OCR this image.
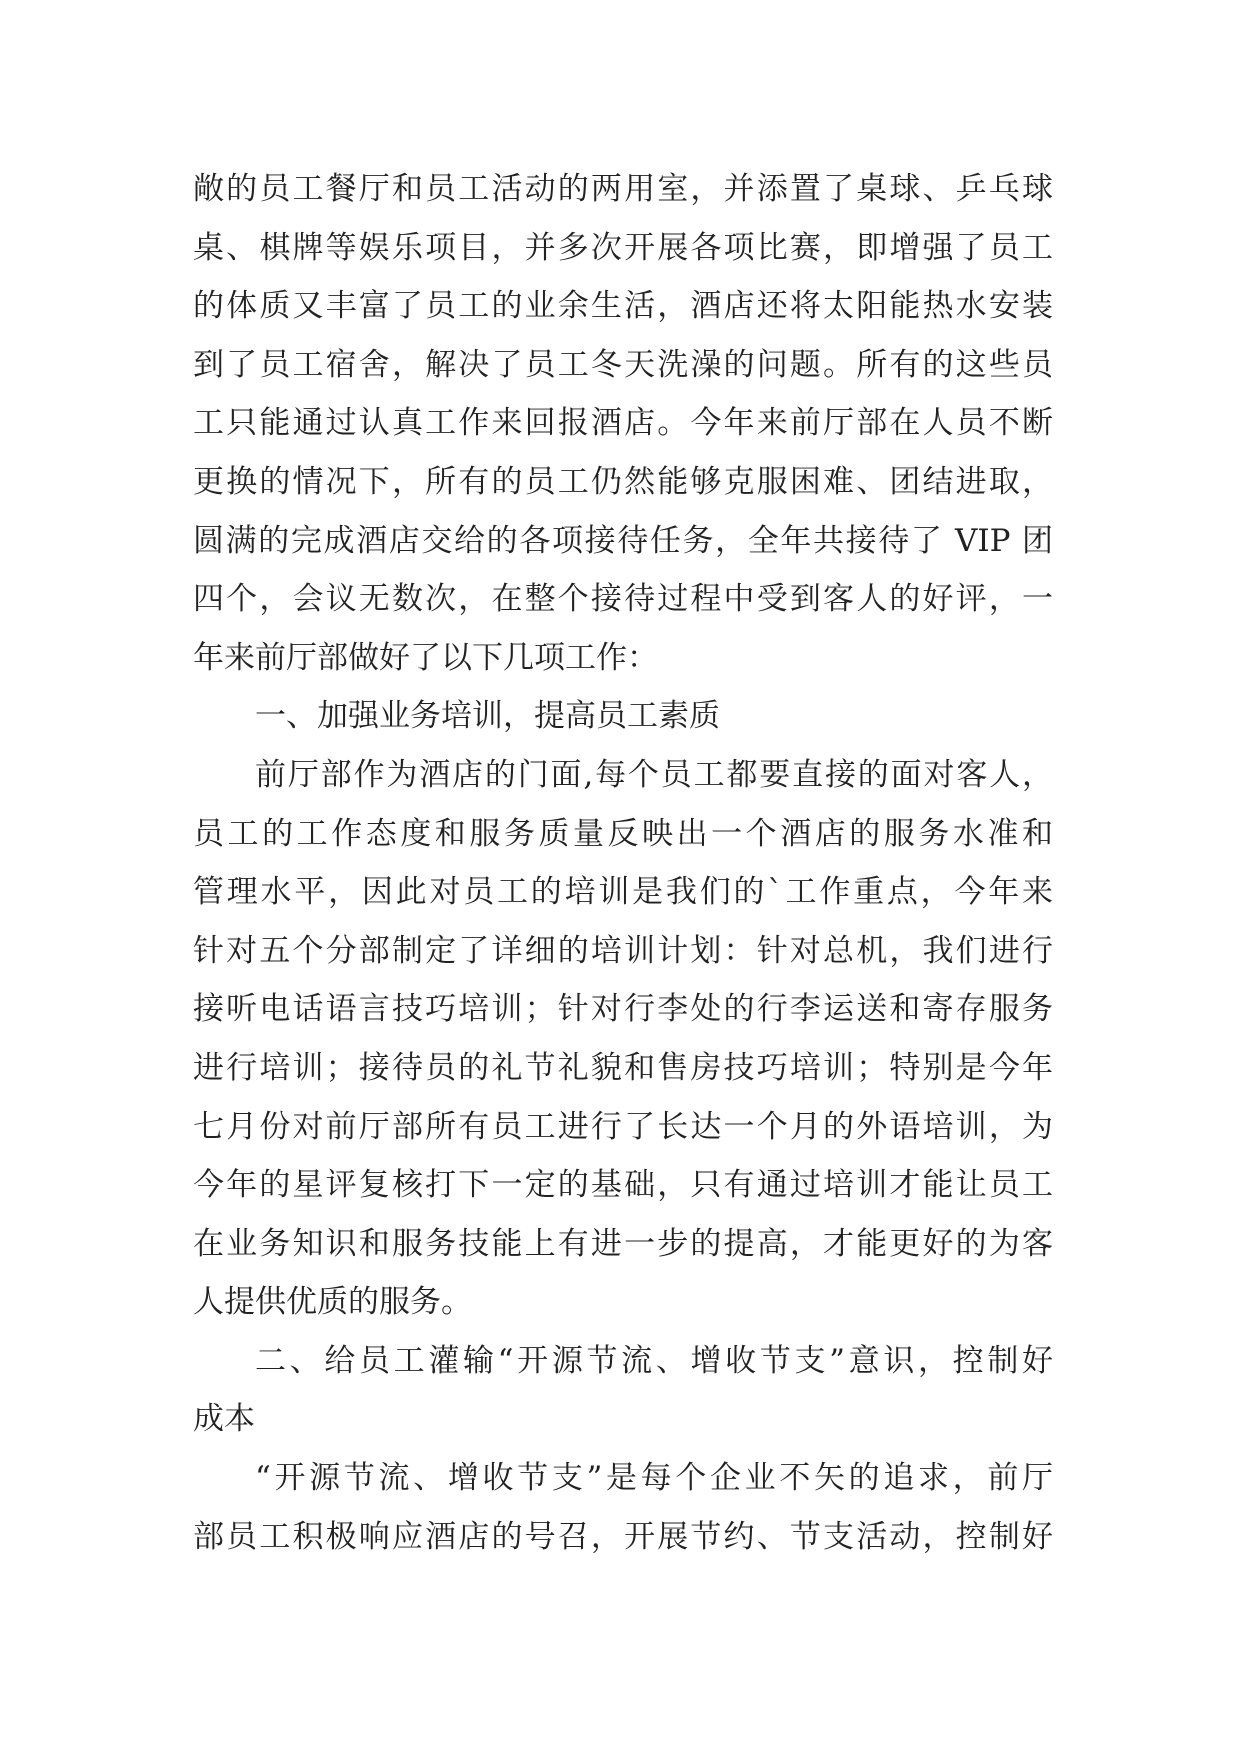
敞的员工餐厅和员工活动的两用室，并添置了桌球、乒乓球
桌、棋牌等娱乐项目，并多次开展各项比赛，即增强了员工
的体质又丰富了员工的业余生活，酒店还将太阳能热水安装
到了员工宿舍，解决了员工冬天洗澡的问题。所有的这些员
工只能通过认真工作来回报酒店。今年来前厅部在人员不断
更换的情况下，所有的员工仍然能够克服困难、团结进取，
圆满的完成酒店交给的各项接待任务，全年共接待了 VIP 团
四个，会议无数次，在整个接待过程中受到客人的好评，一
年来前厅部做好了以下几项工作：
一、加强业务培训，提高员工素质
前厅部作为酒店的门面,每个员工都要直接的面对客人，
员工的工作态度和服务质量反映出一个酒店的服务水准和
管理水平，因此对员工的培训是我们的`工作重点，今年来
针对五个分部制定了详细的培训计划：针对总机，我们进行
接听电话语言技巧培训；针对行李处的行李运送和寄存服务
进行培训；接待员的礼节礼貌和售房技巧培训；特别是今年
七月份对前厅部所有员工进行了长达一个月的外语培训，为
今年的星评复核打下一定的基础，只有通过培训才能让员工
在业务知识和服务技能上有进一步的提高，才能更好的为客
人提供优质的服务。
二、给员工灌输“开源节流、增收节支”意识，控制好
成本
“开源节流、增收节支”是每个企业不矢的追求，前厅
部员工积极响应酒店的号召，开展节约、节支活动，控制好
